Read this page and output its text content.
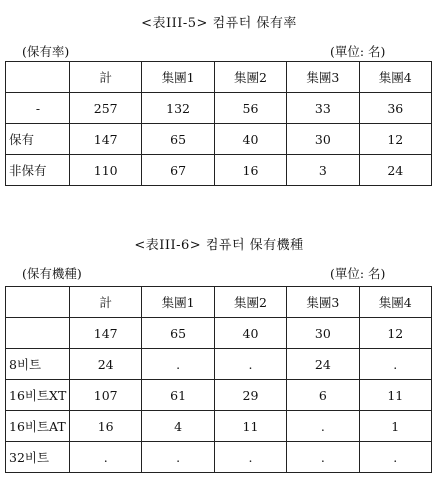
<表III-5> 컴퓨터 保有率
(保有率)	(單位: 名)
	計	集團1	集團2	集團3	集團4
-	257	132	56	33	36
保有	147	65	40	30	12
非保有	110	67	16	3	24
<表III-6> 컴퓨터 保有機種
(保有機種)	(單位: 名)
	計	集團1	集團2	集團3	集團4
	147	65	40	30	12
8비트	24	.	.	24	.
16비트XT	107	61	29	6	11
16비트AT	16	4	11	.	1
32비트	.	.	.	.	.
